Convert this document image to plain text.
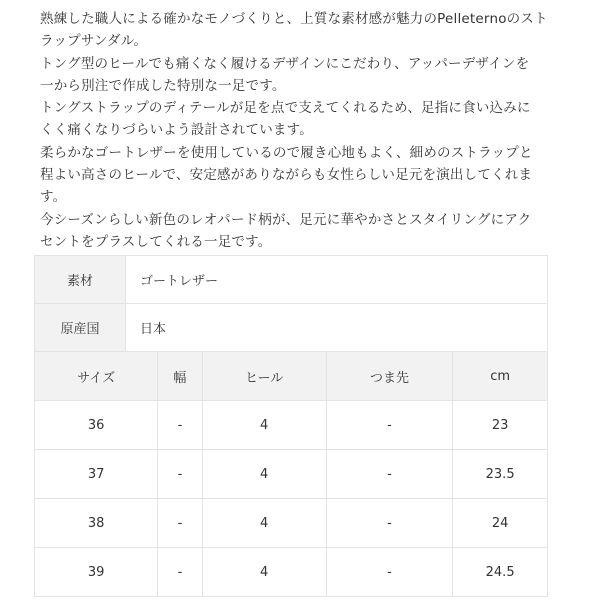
熟練した職人による確かなモノづくりと、上質な素材感が魅力のPelleternoのスト
ラップサンダル。
トング型のヒールでも痛くなく履けるデザインにこだわり、アッパーデザインを
一から別注で作成した特別な一足です。
トングストラップのディテールが足を点で支えてくれるため、足指に食い込みに
くく痛くなりづらいよう設計されています。
柔らかなゴートレザーを使用しているので履き心地もよく、細めのストラップと
程よい高さのヒールで、安定感がありながらも女性らしい足元を演出してくれま
す。
今シーズンらしい新色のレオパード柄が、足元に華やかさとスタイリングにアク
セントをプラスしてくれる一足です。
素材	ゴートレザー
原産国	日本
サイズ	幅	ヒール	つま先	cm
36	-	4	-	23
37	-	4	-	23.5
38	-	4	-	24
39	-	4	-	24.5
